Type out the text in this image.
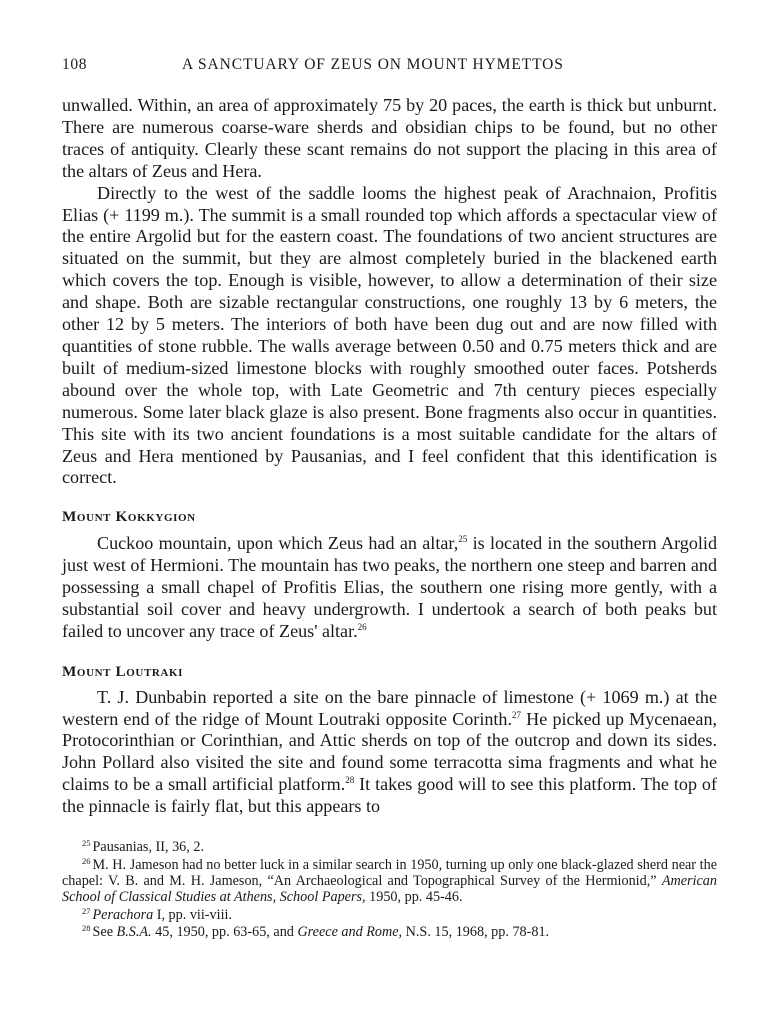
108	A SANCTUARY OF ZEUS ON MOUNT HYMETTOS

unwalled. Within, an area of approximately 75 by 20 paces, the earth is thick but unburnt. There are numerous coarse-ware sherds and obsidian chips to be found, but no other traces of antiquity. Clearly these scant remains do not support the placing in this area of the altars of Zeus and Hera.

Directly to the west of the saddle looms the highest peak of Arachnaion, Profitis Elias (+ 1199 m.). The summit is a small rounded top which affords a spectacular view of the entire Argolid but for the eastern coast. The foundations of two ancient structures are situated on the summit, but they are almost completely buried in the blackened earth which covers the top. Enough is visible, however, to allow a determination of their size and shape. Both are sizable rectangular constructions, one roughly 13 by 6 meters, the other 12 by 5 meters. The interiors of both have been dug out and are now filled with quantities of stone rubble. The walls average between 0.50 and 0.75 meters thick and are built of medium-sized limestone blocks with roughly smoothed outer faces. Potsherds abound over the whole top, with Late Geometric and 7th century pieces especially numerous. Some later black glaze is also present. Bone fragments also occur in quantities. This site with its two ancient foundations is a most suitable candidate for the altars of Zeus and Hera mentioned by Pausanias, and I feel confident that this identification is correct.

Mount Kokkygion

Cuckoo mountain, upon which Zeus had an altar,$^{25}$ is located in the southern Argolid just west of Hermioni. The mountain has two peaks, the northern one steep and barren and possessing a small chapel of Profitis Elias, the southern one rising more gently, with a substantial soil cover and heavy undergrowth. I undertook a search of both peaks but failed to uncover any trace of Zeus' altar.$^{26}$

Mount Loutraki

T. J. Dunbabin reported a site on the bare pinnacle of limestone (+ 1069 m.) at the western end of the ridge of Mount Loutraki opposite Corinth.$^{27}$ He picked up Mycenaean, Protocorinthian or Corinthian, and Attic sherds on top of the outcrop and down its sides. John Pollard also visited the site and found some terracotta sima fragments and what he claims to be a small artificial platform.$^{28}$ It takes good will to see this platform. The top of the pinnacle is fairly flat, but this appears to

$^{25}$ Pausanias, II, 36, 2.

$^{26}$ M. H. Jameson had no better luck in a similar search in 1950, turning up only one black-glazed sherd near the chapel: V. B. and M. H. Jameson, “An Archaeological and Topographical Survey of the Hermionid,” American School of Classical Studies at Athens, School Papers, 1950, pp. 45-46.

$^{27}$ Perachora I, pp. vii-viii.

$^{28}$ See B.S.A. 45, 1950, pp. 63-65, and Greece and Rome, N.S. 15, 1968, pp. 78-81.
